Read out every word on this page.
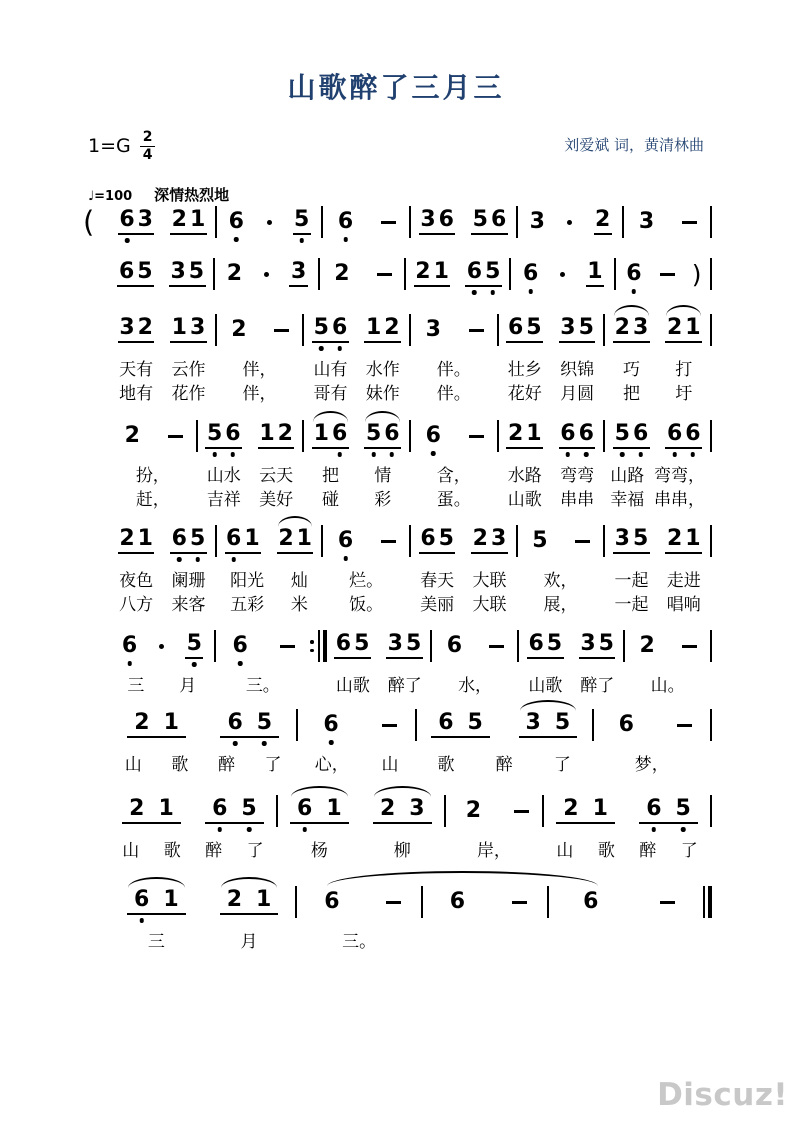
山歌醉了三月三
$1=G \frac{2}{4}$	刘爱斌 词，黄清林曲
♩=100 深情热烈地
( 6 3 2 1 6 5 6	3 6 5 6 3 2 3
6 5 3 5 2 3 2	2 1 6 5 6 1 6 )
3 2 1 3 2	5 6 1 2 3	6 5 3 5 2 3 2 1
天有 云作 伴， 山有 水作 伴。 壮乡 织锦 巧 打
地有 花作 伴， 哥有 妹作 伴。 花好 月圆 把 圩
2	5 6 1 2 1 6 5 6 6	2 1 6 6 5 6 6 6
扮， 山水 云天 把 情	含， 水路 弯弯 山路 弯弯，
赶， 吉祥 美好 碰 彩	蛋。 山歌 串串 幸福 串串，
2 1 6 5 6 1 2 1 6	6 5 2 3 5	3 5 2 1
夜色 阑珊 阳光 灿 烂。 春天 大联 欢， 一起 走进
八方 来客 五彩 米 饭。 美丽 大联 展， 一起 唱响
6 5 6	6 5 3 5 6	6 5 3 5 2
三 月	三。	山歌 醉了 水， 山歌 醉了 山。
2 1	6 5	6	6 5	3 5	6
山 歌 醉 了 心， 山 歌 醉 了	梦，
2 1	6 5	6 1	2 3	2	2 1	6 5
山 歌 醉 了	杨	柳	岸，	山 歌 醉 了
6 1	2 1	6	6	6
三	月	三。
Discuz!
